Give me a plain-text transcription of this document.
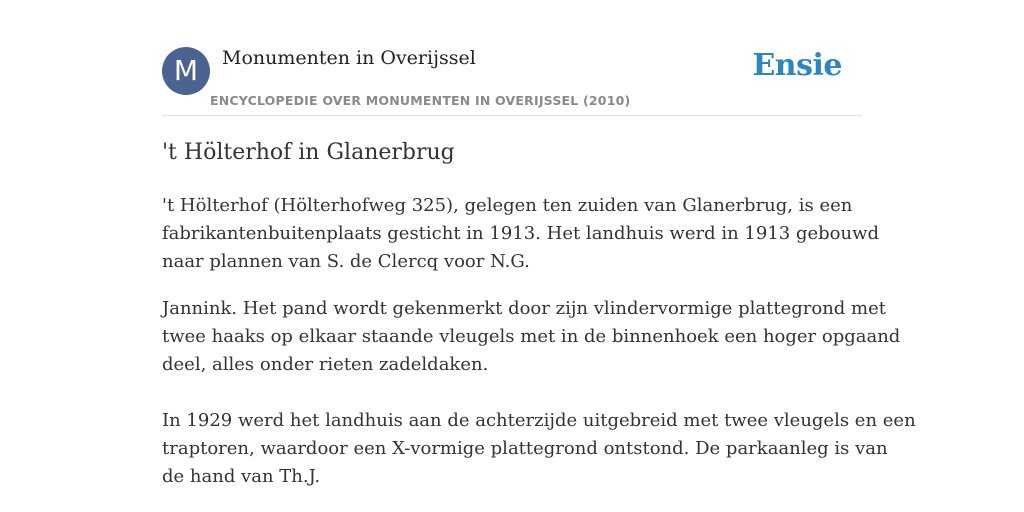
M	Monumenten in Overijssel
ENCYCLOPEDIE OVER MONUMENTEN IN OVERIJSSEL (2010)
Ensie
't Hölterhof in Glanerbrug
't Hölterhof (Hölterhofweg 325), gelegen ten zuiden van Glanerbrug, is een
fabrikantenbuitenplaats gesticht in 1913. Het landhuis werd in 1913 gebouwd
naar plannen van S. de Clercq voor N.G.
Jannink. Het pand wordt gekenmerkt door zijn vlindervormige plattegrond met
twee haaks op elkaar staande vleugels met in de binnenhoek een hoger opgaand
deel, alles onder rieten zadeldaken.
In 1929 werd het landhuis aan de achterzijde uitgebreid met twee vleugels en een
traptoren, waardoor een X-vormige plattegrond ontstond. De parkaanleg is van
de hand van Th.J.
